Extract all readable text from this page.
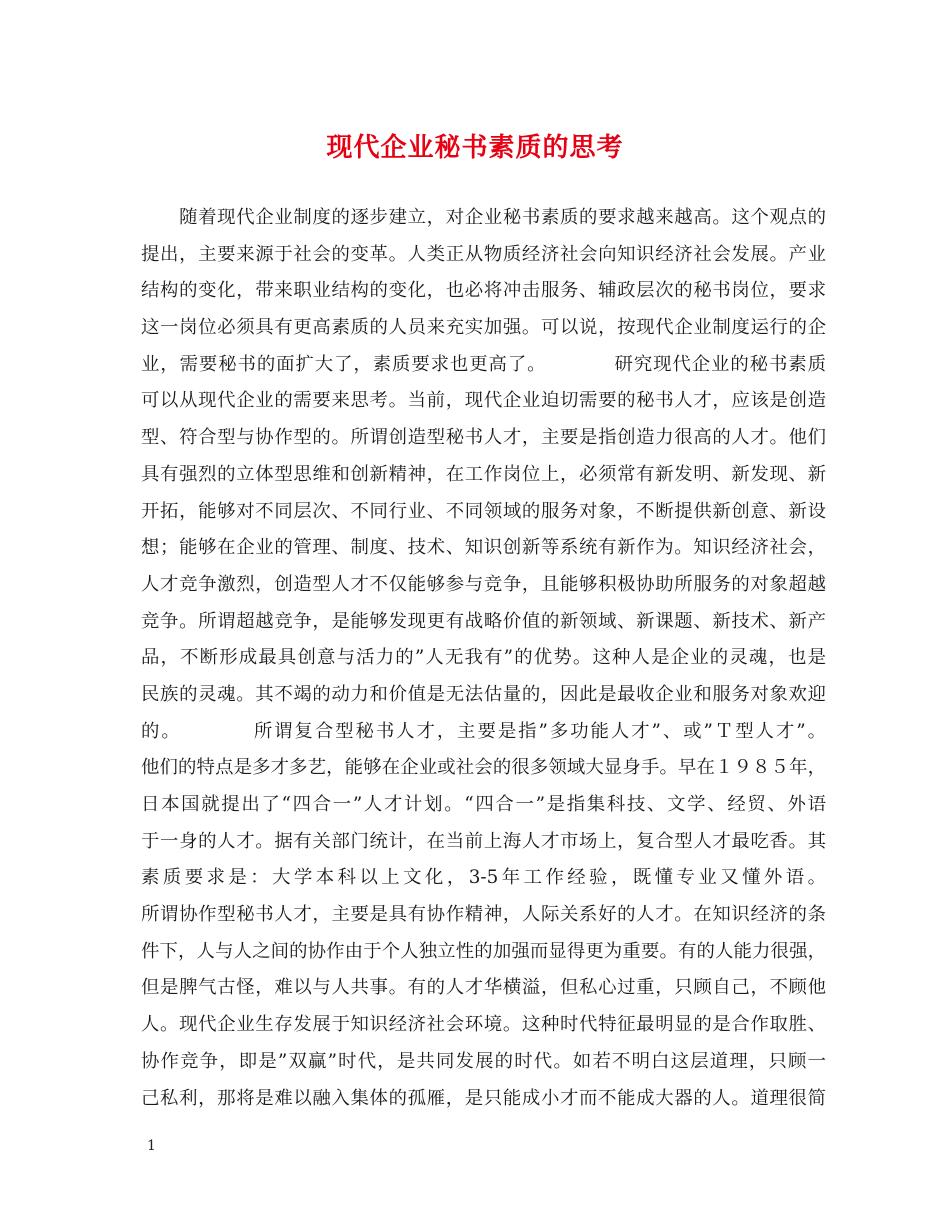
现代企业秘书素质的思考
　　随着现代企业制度的逐步建立，对企业秘书素质的要求越来越高。这个观点的
提出，主要来源于社会的变革。人类正从物质经济社会向知识经济社会发展。产业
结构的变化，带来职业结构的变化，也必将冲击服务、辅政层次的秘书岗位，要求
这一岗位必须具有更高素质的人员来充实加强。可以说，按现代企业制度运行的企
业，需要秘书的面扩大了，素质要求也更高了。　　　　研究现代企业的秘书素质
可以从现代企业的需要来思考。当前，现代企业迫切需要的秘书人才，应该是创造
型、符合型与协作型的。所谓创造型秘书人才，主要是指创造力很高的人才。他们
具有强烈的立体型思维和创新精神，在工作岗位上，必须常有新发明、新发现、新
开拓，能够对不同层次、不同行业、不同领域的服务对象，不断提供新创意、新设
想；能够在企业的管理、制度、技术、知识创新等系统有新作为。知识经济社会，
人才竞争激烈，创造型人才不仅能够参与竞争，且能够积极协助所服务的对象超越
竞争。所谓超越竞争，是能够发现更有战略价值的新领域、新课题、新技术、新产
品，不断形成最具创意与活力的”人无我有”的优势。这种人是企业的灵魂，也是
民族的灵魂。其不竭的动力和价值是无法估量的，因此是最收企业和服务对象欢迎
的。　　　　所谓复合型秘书人才，主要是指”多功能人才”、或”Ｔ型人才”。
他们的特点是多才多艺，能够在企业或社会的很多领域大显身手。早在１９８５年，
日本国就提出了“四合一”人才计划。“四合一”是指集科技、文学、经贸、外语
于一身的人才。据有关部门统计，在当前上海人才市场上，复合型人才最吃香。其
素质要求是：大学本科以上文化，3-5年工作经验，既懂专业又懂外语。
所谓协作型秘书人才，主要是具有协作精神，人际关系好的人才。在知识经济的条
件下，人与人之间的协作由于个人独立性的加强而显得更为重要。有的人能力很强，
但是脾气古怪，难以与人共事。有的人才华横溢，但私心过重，只顾自己，不顾他
人。现代企业生存发展于知识经济社会环境。这种时代特征最明显的是合作取胜、
协作竞争，即是”双赢”时代，是共同发展的时代。如若不明白这层道理，只顾一
己私利，那将是难以融入集体的孤雁，是只能成小才而不能成大器的人。道理很简
1
